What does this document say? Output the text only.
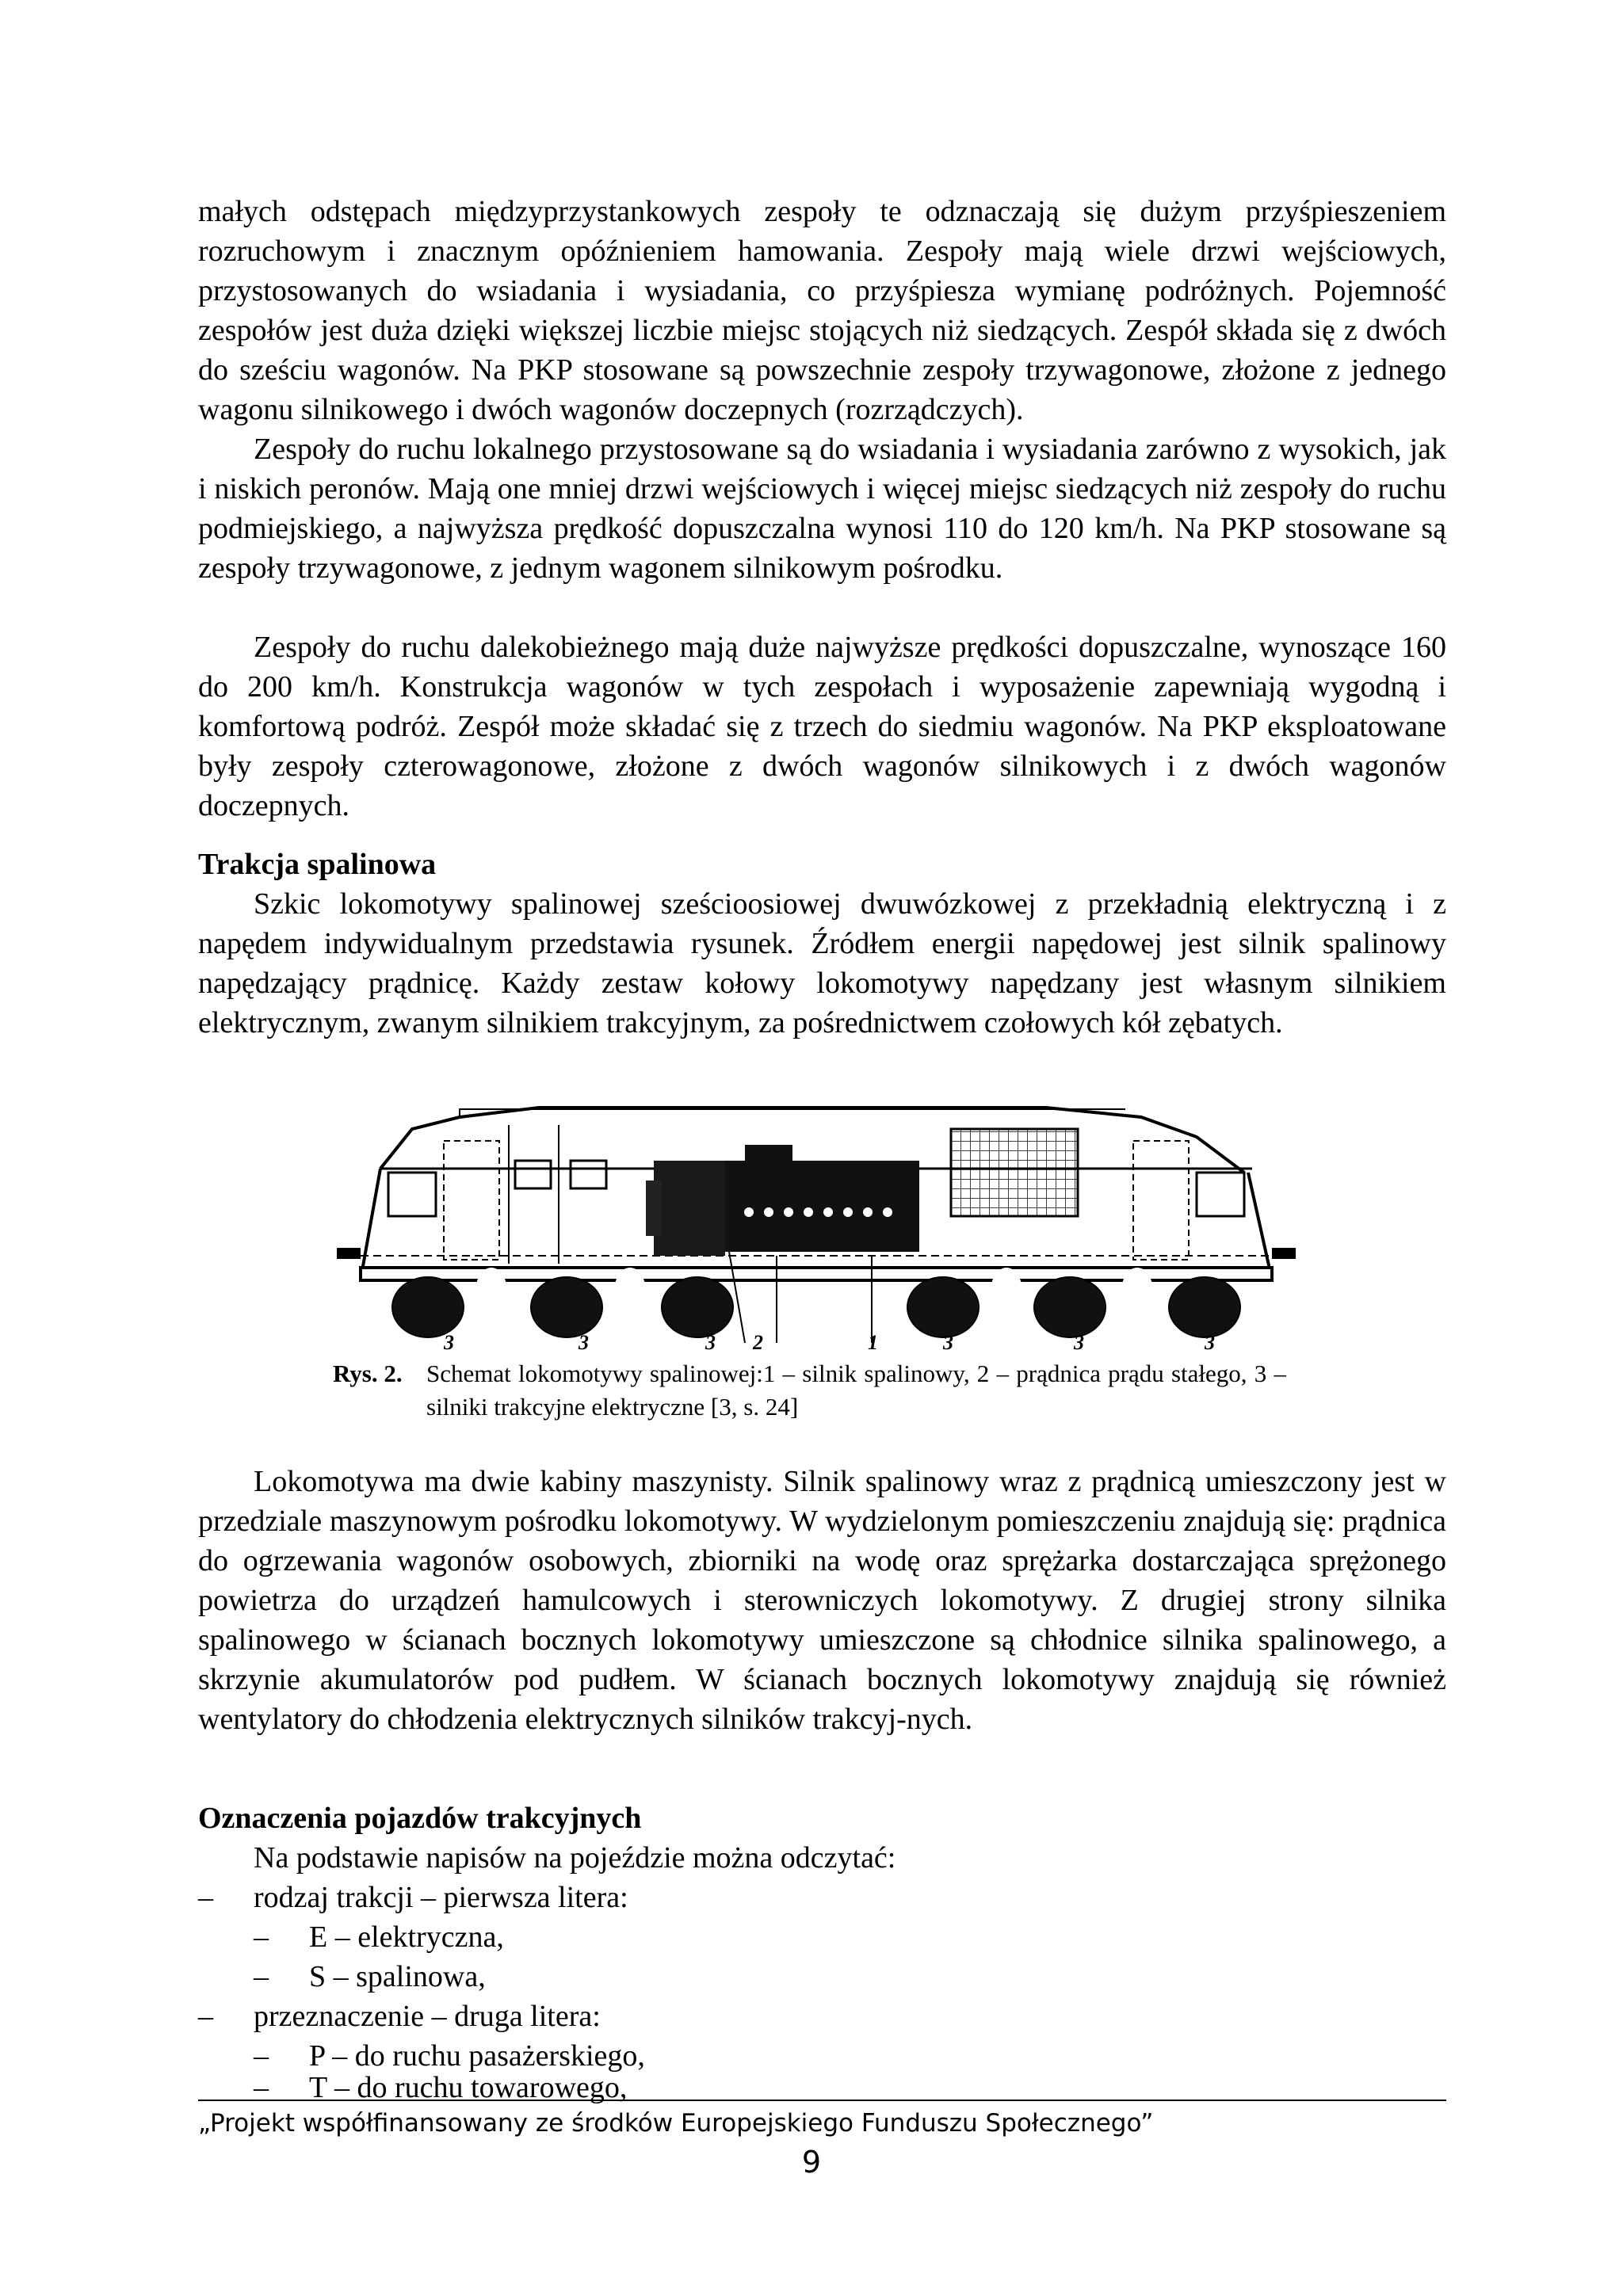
małych odstępach międzyprzystankowych zespoły te odznaczają się dużym przyśpieszeniem rozruchowym i znacznym opóźnieniem hamowania. Zespoły mają wiele drzwi wejściowych, przystosowanych do wsiadania i wysiadania, co przyśpiesza wymianę podróżnych. Pojemność zespołów jest duża dzięki większej liczbie miejsc stojących niż siedzących. Zespół składa się z dwóch do sześciu wagonów. Na PKP stosowane są powszechnie zespoły trzywagonowe, złożone z jednego wagonu silnikowego i dwóch wagonów doczepnych (rozrządczych).

Zespoły do ruchu lokalnego przystosowane są do wsiadania i wysiadania zarówno z wysokich, jak i niskich peronów. Mają one mniej drzwi wejściowych i więcej miejsc siedzących niż zespoły do ruchu podmiejskiego, a najwyższa prędkość dopuszczalna wynosi 110 do 120 km/h. Na PKP stosowane są zespoły trzywagonowe, z jednym wagonem silnikowym pośrodku.

Zespoły do ruchu dalekobieżnego mają duże najwyższe prędkości dopuszczalne, wynoszące 160 do 200 km/h. Konstrukcja wagonów w tych zespołach i wyposażenie zapewniają wygodną i komfortową podróż. Zespół może składać się z trzech do siedmiu wagonów. Na PKP eksploatowane były zespoły czterowagonowe, złożone z dwóch wagonów silnikowych i z dwóch wagonów doczepnych.

Trakcja spalinowa

Szkic lokomotywy spalinowej sześcioosiowej dwuwózkowej z przekładnią elektryczną i z napędem indywidualnym przedstawia rysunek. Źródłem energii napędowej jest silnik spalinowy napędzający prądnicę. Każdy zestaw kołowy lokomotywy napędzany jest własnym silnikiem elektrycznym, zwanym silnikiem trakcyjnym, za pośrednictwem czołowych kół zębatych.

3	3	3 2	1	3	3	3
Rys. 2. Schemat lokomotywy spalinowej:1 – silnik spalinowy, 2 – prądnica prądu stałego, 3 – silniki trakcyjne elektryczne [3, s. 24]

Lokomotywa ma dwie kabiny maszynisty. Silnik spalinowy wraz z prądnicą umieszczony jest w przedziale maszynowym pośrodku lokomotywy. W wydzielonym pomieszczeniu znajdują się: prądnica do ogrzewania wagonów osobowych, zbiorniki na wodę oraz sprężarka dostarczająca sprężonego powietrza do urządzeń hamulcowych i sterowniczych lokomotywy. Z drugiej strony silnika spalinowego w ścianach bocznych lokomotywy umieszczone są chłodnice silnika spalinowego, a skrzynie akumulatorów pod pudłem. W ścianach bocznych lokomotywy znajdują się również wentylatory do chłodzenia elektrycznych silników trakcyj-nych.

Oznaczenia pojazdów trakcyjnych
Na podstawie napisów na pojeździe można odczytać:
– rodzaj trakcji – pierwsza litera:
– E – elektryczna,
– S – spalinowa,
– przeznaczenie – druga litera:
– P – do ruchu pasażerskiego,
– T – do ruchu towarowego,
„Projekt współfinansowany ze środków Europejskiego Funduszu Społecznego”
9
